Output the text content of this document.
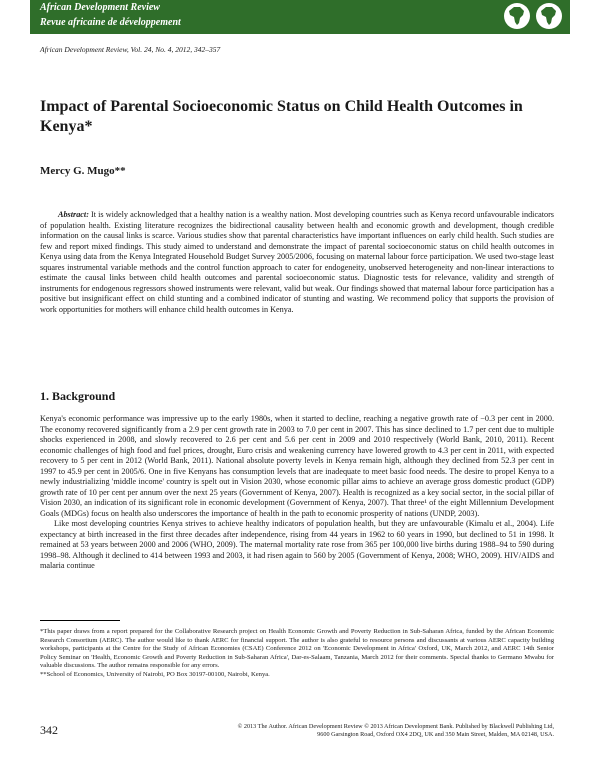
African Development Review
Revue africaine de développement
African Development Review, Vol. 24, No. 4, 2012, 342–357
Impact of Parental Socioeconomic Status on Child Health Outcomes in Kenya*
Mercy G. Mugo**
Abstract: It is widely acknowledged that a healthy nation is a wealthy nation. Most developing countries such as Kenya record unfavourable indicators of population health. Existing literature recognizes the bidirectional causality between health and economic growth and development, though credible information on the causal links is scarce. Various studies show that parental characteristics have important influences on early child health. Such studies are few and report mixed findings. This study aimed to understand and demonstrate the impact of parental socioeconomic status on child health outcomes in Kenya using data from the Kenya Integrated Household Budget Survey 2005/2006, focusing on maternal labour force participation. We used two-stage least squares instrumental variable methods and the control function approach to cater for endogeneity, unobserved heterogeneity and non-linear interactions to estimate the causal links between child health outcomes and parental socioeconomic status. Diagnostic tests for relevance, validity and strength of instruments for endogenous regressors showed instruments were relevant, valid but weak. Our findings showed that maternal labour force participation has a positive but insignificant effect on child stunting and a combined indicator of stunting and wasting. We recommend policy that supports the provision of work opportunities for mothers will enhance child health outcomes in Kenya.
1. Background

Kenya's economic performance was impressive up to the early 1980s, when it started to decline, reaching a negative growth rate of −0.3 per cent in 2000. The economy recovered significantly from a 2.9 per cent growth rate in 2003 to 7.0 per cent in 2007. This has since declined to 1.7 per cent due to multiple shocks experienced in 2008, and slowly recovered to 2.6 per cent and 5.6 per cent in 2009 and 2010 respectively (World Bank, 2010, 2011). Recent economic challenges of high food and fuel prices, drought, Euro crisis and weakening currency have lowered growth to 4.3 per cent in 2011, with expected recovery to 5 per cent in 2012 (World Bank, 2011). National absolute poverty levels in Kenya remain high, although they declined from 52.3 per cent in 1997 to 45.9 per cent in 2005/6. One in five Kenyans has consumption levels that are inadequate to meet basic food needs. The desire to propel Kenya to a newly industrializing 'middle income' country is spelt out in Vision 2030, whose economic pillar aims to achieve an average gross domestic product (GDP) growth rate of 10 per cent per annum over the next 25 years (Government of Kenya, 2007). Health is recognized as a key social sector, in the social pillar of Vision 2030, an indication of its significant role in economic development (Government of Kenya, 2007). That three¹ of the eight Millennium Development Goals (MDGs) focus on health also underscores the importance of health in the path to economic prosperity of nations (UNDP, 2003).

Like most developing countries Kenya strives to achieve healthy indicators of population health, but they are unfavourable (Kimalu et al., 2004). Life expectancy at birth increased in the first three decades after independence, rising from 44 years in 1962 to 60 years in 1990, but declined to 51 in 1998. It remained at 53 years between 2000 and 2006 (WHO, 2009). The maternal mortality rate rose from 365 per 100,000 live births during 1988–94 to 590 during 1998–98. Although it declined to 414 between 1993 and 2003, it had risen again to 560 by 2005 (Government of Kenya, 2008; WHO, 2009). HIV/AIDS and malaria continue

*This paper draws from a report prepared for the Collaborative Research project on Health Economic Growth and Poverty Reduction in Sub-Saharan Africa, funded by the African Economic Research Consortium (AERC). The author would like to thank AERC for financial support. The author is also grateful to resource persons and discussants at various AERC capacity building workshops, participants at the Centre for the Study of African Economies (CSAE) Conference 2012 on 'Economic Development in Africa' Oxford, UK, March 2012, and AERC 14th Senior Policy Seminar on 'Health, Economic Growth and Poverty Reduction in Sub-Saharan Africa', Dar-es-Salaam, Tanzania, March 2012 for their comments. Special thanks to Germano Mwabu for valuable discussions. The author remains responsible for any errors.

**School of Economics, University of Nairobi, PO Box 30197-00100, Nairobi, Kenya.

342	© 2013 The Author. African Development Review © 2013 African Development Bank. Published by Blackwell Publishing Ltd,
9600 Garsington Road, Oxford OX4 2DQ, UK and 350 Main Street, Malden, MA 02148, USA.
